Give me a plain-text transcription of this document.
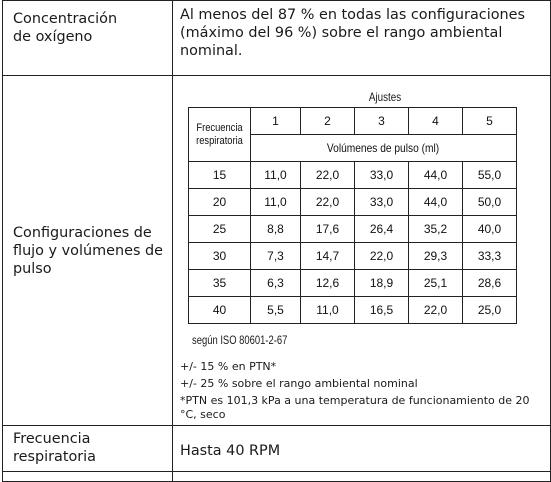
Concentración
de oxígeno	Al menos del 87 % en todas las configuraciones (máximo del 96 %) sobre el rango ambiental nominal.
Configuraciones de flujo y volúmenes de pulso	
Ajustes
Frecuencia respiratoria
	1	2	3	4	5
Volúmenes de pulso (ml)
15	11,0	22,0	33,0	44,0	55,0
20	11,0	22,0	33,0	44,0	50,0
25	8,8	17,6	26,4	35,2	40,0
30	7,3	14,7	22,0	29,3	33,3
35	6,3	12,6	18,9	25,1	28,6
40	5,5	11,0	16,5	22,0	25,0
según ISO 80601-2-67
+/- 15 % en PTN*
+/- 25 % sobre el rango ambiental nominal
*PTN es 101,3 kPa a una temperatura de funcionamiento de 20 °C, seco

Frecuencia
respiratoria	Hasta 40 RPM
